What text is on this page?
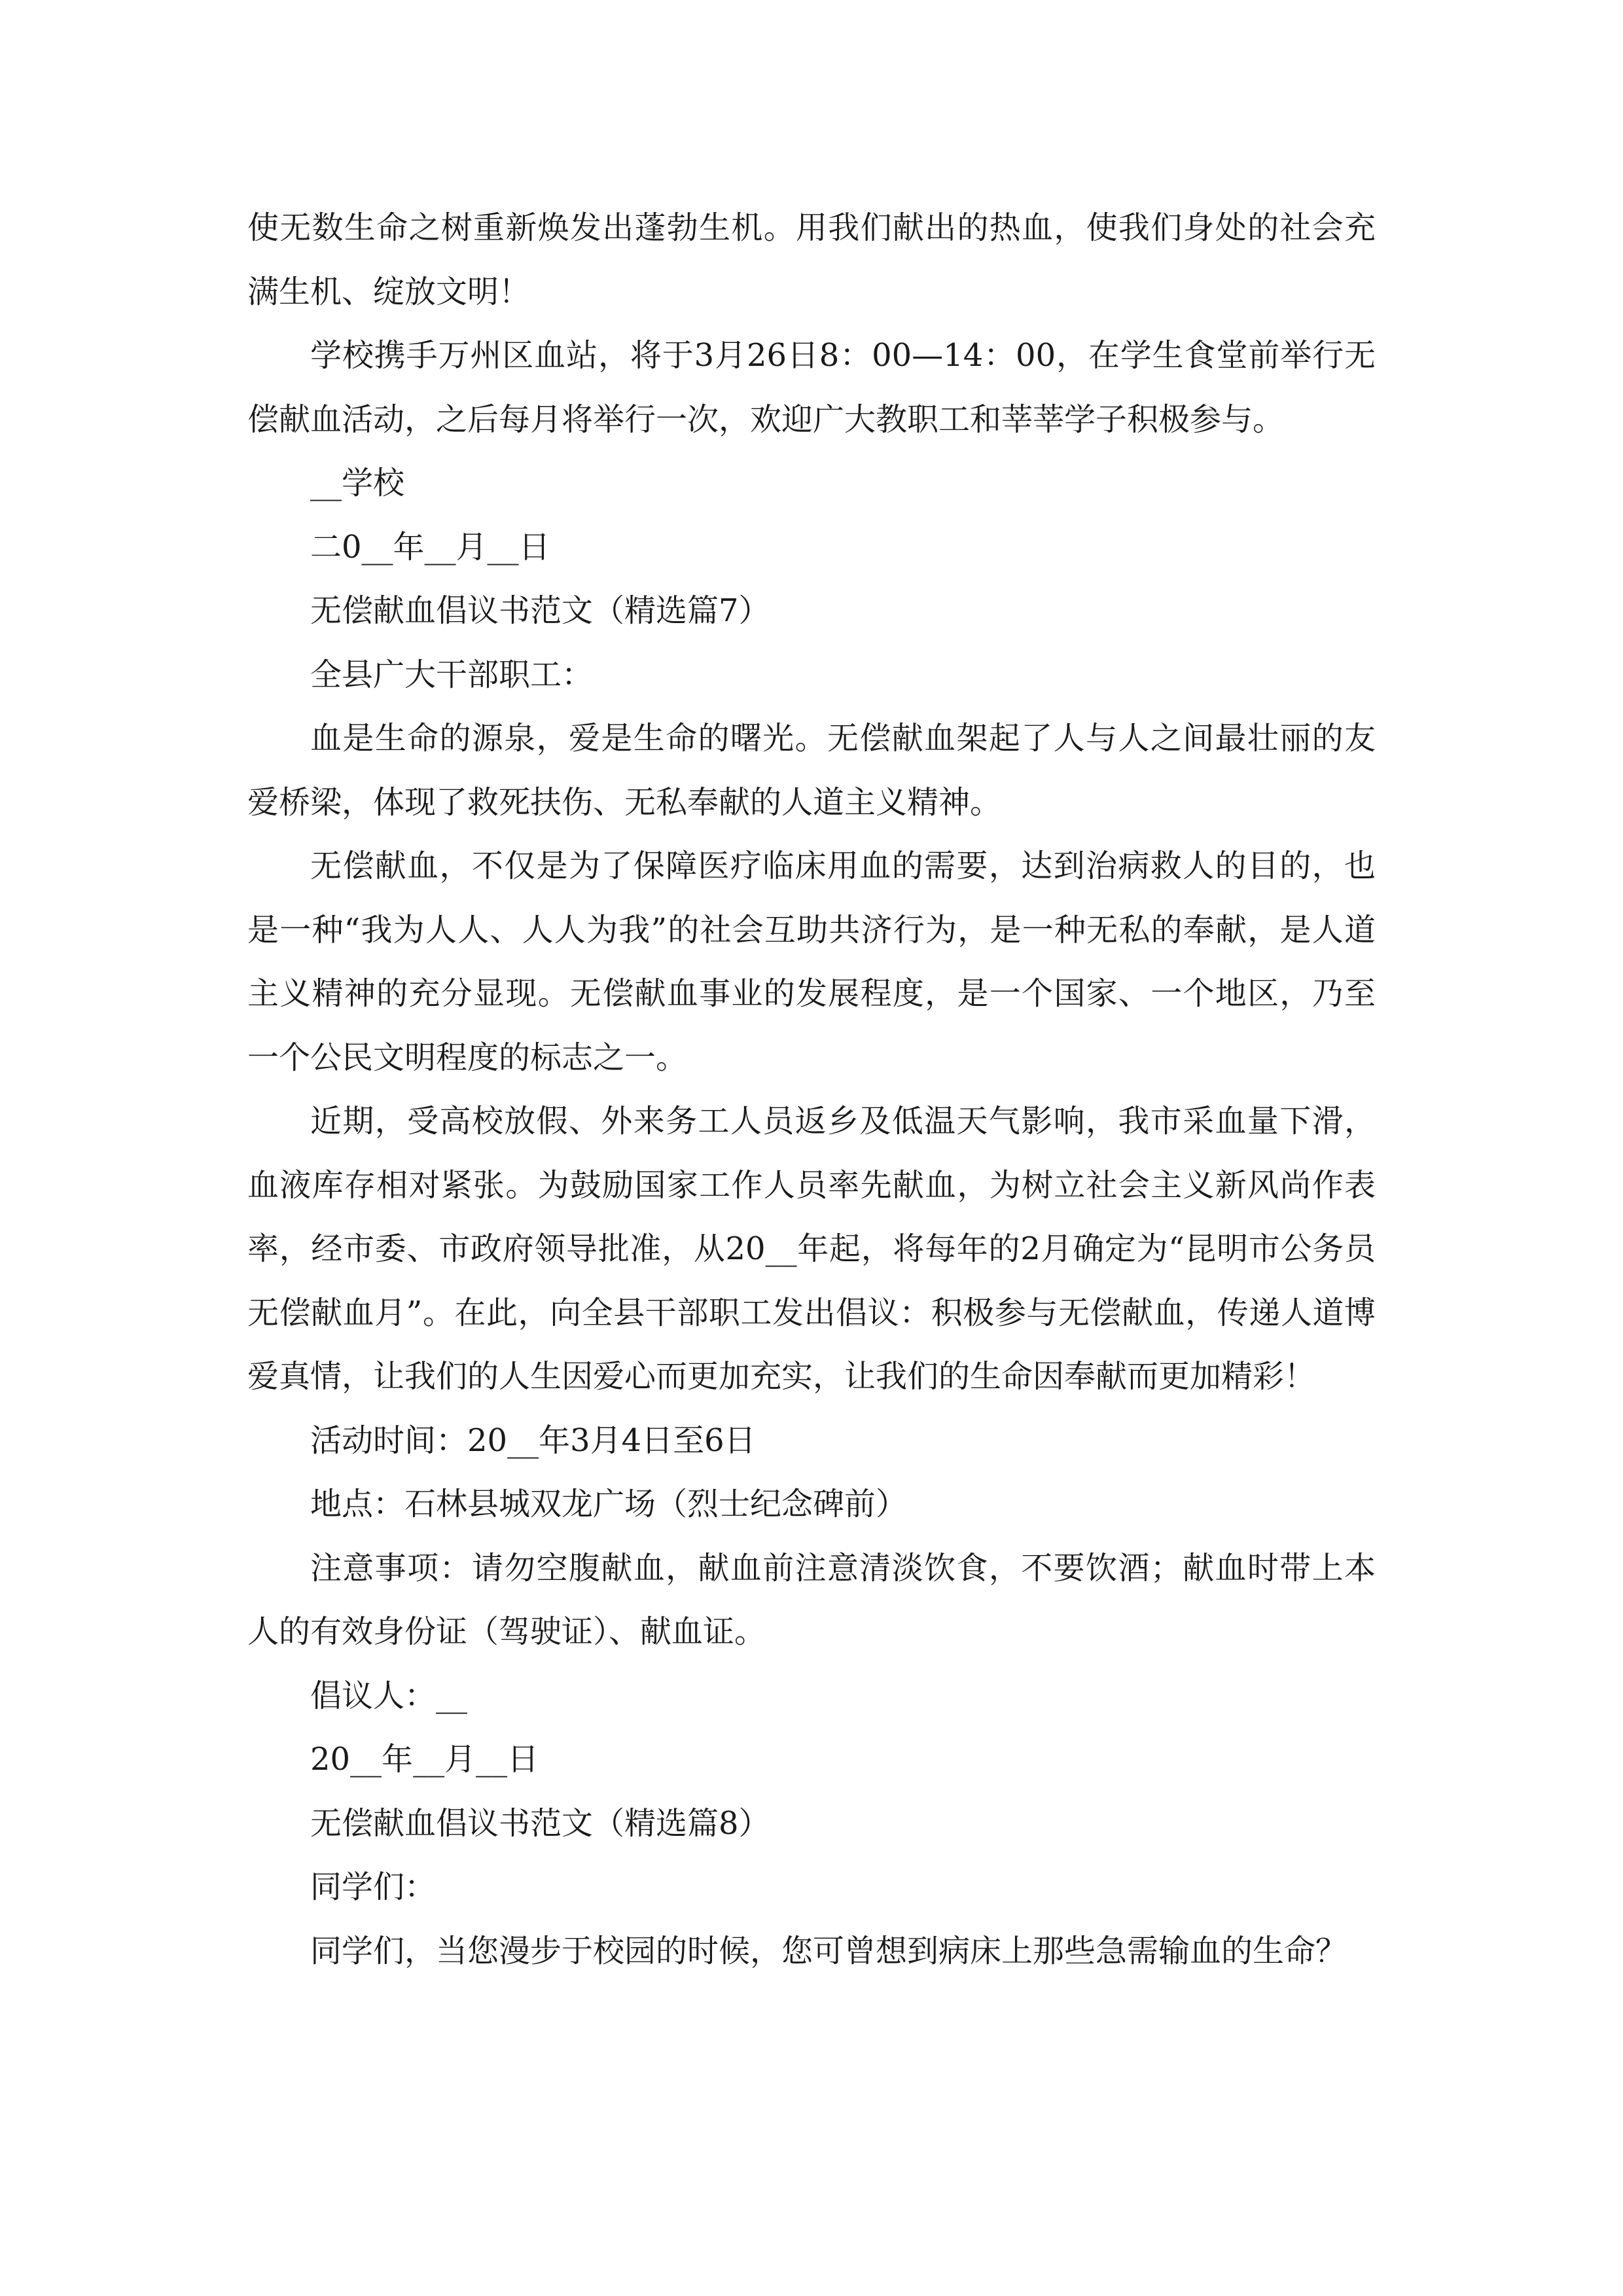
使无数生命之树重新焕发出蓬勃生机。用我们献出的热血，使我们身处的社会充满生机、绽放文明！

学校携手万州区血站，将于3月26日8：00—14：00，在学生食堂前举行无偿献血活动，之后每月将举行一次，欢迎广大教职工和莘莘学子积极参与。

__学校

二0__年__月__日

无偿献血倡议书范文（精选篇7）

全县广大干部职工：

血是生命的源泉，爱是生命的曙光。无偿献血架起了人与人之间最壮丽的友爱桥梁，体现了救死扶伤、无私奉献的人道主义精神。

无偿献血，不仅是为了保障医疗临床用血的需要，达到治病救人的目的，也是一种“我为人人、人人为我”的社会互助共济行为，是一种无私的奉献，是人道主义精神的充分显现。无偿献血事业的发展程度，是一个国家、一个地区，乃至一个公民文明程度的标志之一。

近期，受高校放假、外来务工人员返乡及低温天气影响，我市采血量下滑，血液库存相对紧张。为鼓励国家工作人员率先献血，为树立社会主义新风尚作表率，经市委、市政府领导批准，从20__年起，将每年的2月确定为“昆明市公务员无偿献血月”。在此，向全县干部职工发出倡议：积极参与无偿献血，传递人道博爱真情，让我们的人生因爱心而更加充实，让我们的生命因奉献而更加精彩！

活动时间：20__年3月4日至6日

地点：石林县城双龙广场（烈士纪念碑前）

注意事项：请勿空腹献血，献血前注意清淡饮食，不要饮酒；献血时带上本人的有效身份证（驾驶证）、献血证。

倡议人：__

20__年__月__日

无偿献血倡议书范文（精选篇8）

同学们：

同学们，当您漫步于校园的时候，您可曾想到病床上那些急需输血的生命？
